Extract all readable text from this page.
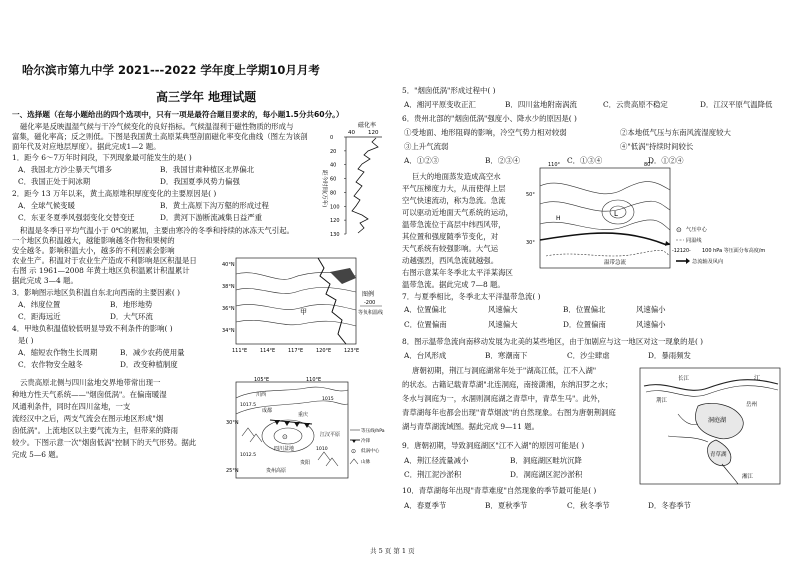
哈尔滨市第九中学 2021---2022 学年度上学期10月月考
高三学年 地理试题
一、选择题（在每小题给出的四个选项中，只有一项是最符合题目要求的，每小题1.5分共60分。）
磁化率是反映温湿气候与干冷气候变化的良好指标。气候温湿利于磁性物质的形成与
富集，磁化率高；反之则低。下图是我国黄土高原某典型剖面磁化率变化曲线（图左为该剖
面年代及对应地层厚度）。据此完成1—2 题。
1．距今 6～7万年时间段，下列现象最可能发生的是( )
A．我国北方沙尘暴天气增多	B．我国甘肃种植区北界偏北
C．我国正处于间冰期	D．我国夏季风势力偏强
2．距今 13 万年以来，黄土高原堆积厚度变化的主要原因是( )
A．全球气候变暖	B．黄土高原下沟万壑的形成过程
C．东亚冬夏季风强弱变化交替变迁	D．黄河下游断流减集日益严重
磁化率
40 120
0
20
40
60
80
100
120
130
距今时间(万年)
积温是冬季日平均气温小于 0℃的累加，主要由寒冷的冬季和持续的冰冻天气引起。
一个地区负积温越大，越能影响越冬作物和果树的
安全越冬。影响积温大小，越多的不利因素会影响
农业生产。积温对于农业生产造成不利影响是区积温是日
右图 示 1961—2008 年黄土地区负积温累计积温累计
据此完成 3—4 题。
3．影响图示地区负积温自东北向西南的主要因素( )
A．纬度位置	B．地形地势
C．距海远近	D．大气环流
4．甲地负积温值较低明显导致不利条件的影响( )
是( )
A．缩短农作物生长周期	B．减少农药使用量
C．农作物安全越冬	D．改变种植制度
甲
40°N
38°N
36°N
34°N
111°E	114°E	117°E	120°E	123°E
图例
-200
等负积温线
云贵高原北侧与四川盆地交界地带常出现一
种地方性天气系统——"烟囱低涡"。在偏南暖湿
风通利条件，同时在四川盆地，一支
流经汉中之后，两支气流会在图示地区形成"烟
囱低涡"。上流地区以主要气流为主，但带来的降雨
较少。下图示意一次"烟囱低涡"控制下的天气形势。据此
完成 5—6 题。
⊙
105°E	110°E
30°N
25°N
川西
成都
重庆
四川盆地
江汉平原
贵阳
贵州高原
1017.5
1015
1012.5
1010
等压线/hPa
冷锋
⊙ 低涡中心
山脉
5．"烟囱低涡"形成过程中( )
A．湘河平原变收正汇	B．四川盆地附南涡流	C．云贵高原不稳定	D．江汉平原气温降低
6．贵州北部的"烟囱低涡"强度小、降水少的原因是( )
①受地面、地形阻碍的影响，冷空气势力相对较弱	②本地低气压与东南风流湿度较大
③上升气流弱	④"低涡"持续时间较长
A．①②③	B．②③④	C．①③④	D．①②④
巨大的地面蒸发造成高空水
平气压梯度力大，从而使得上层
空气快速流动，称为急流。急流
可以驱动近地面天气系统的运动，
温带急流位于高层中纬西风带，
其位置和强度随季节变化，对
天气系统有较强影响。大气运
动越强烈，西风急流就越强。
右图示意某年冬季北太平洋某海区
温带急流。据此完成 7—8 题。
L
H
温带急流
110°	80°
50°
30°
⊙ 气压中心
同温线
-12120- 100 hPa 等压面分布高度/m
急流轴及风向
7．与夏季相比，冬季北太平洋温带急流( )
A．位置偏北	风速偏大	B．位置偏北	风速偏小
C．位置偏南	风速偏大	D．位置偏南	风速偏小
8．图示温带急流向南移动发展为北美的某些地区，由于加剧应与这一地区对这一现象的是( )
A．台风形成	B．寒潮南下	C．沙尘肆虐	D．暴雨频发
唐朝初期，荆江与洞庭湖常年处于"湖高江低，江不入湖"
的状态。古籍记载青草湖"北连洞庭，南接潇湘，东纳汨罗之水；
冬水与洞庭为一，水涸则洞庭湖之青草中，青草生马"。此外，
青草湖每年也都会出现"青草烟波"的自然现象。右图为唐朝荆洞庭
湖与青草湖流域图。据此完成 9—11 题。
9．唐朝初期，导致洞庭湖区"江不入湖"的原因可能是( )
A．荆江径流量减小	B．洞庭湖区畦坑沉降
C．荆江泥沙淤积	D．洞庭湖区泥沙淤积
10．青草湖每年出现"青草难度"自然现象的季节最可能是( )
A．春夏季节	B．夏秋季节	C．秋冬季节	D．冬春季节
江
洞庭湖
青草湖
长江
荆江
岳州
湘江
共 5 页 第 1 页
